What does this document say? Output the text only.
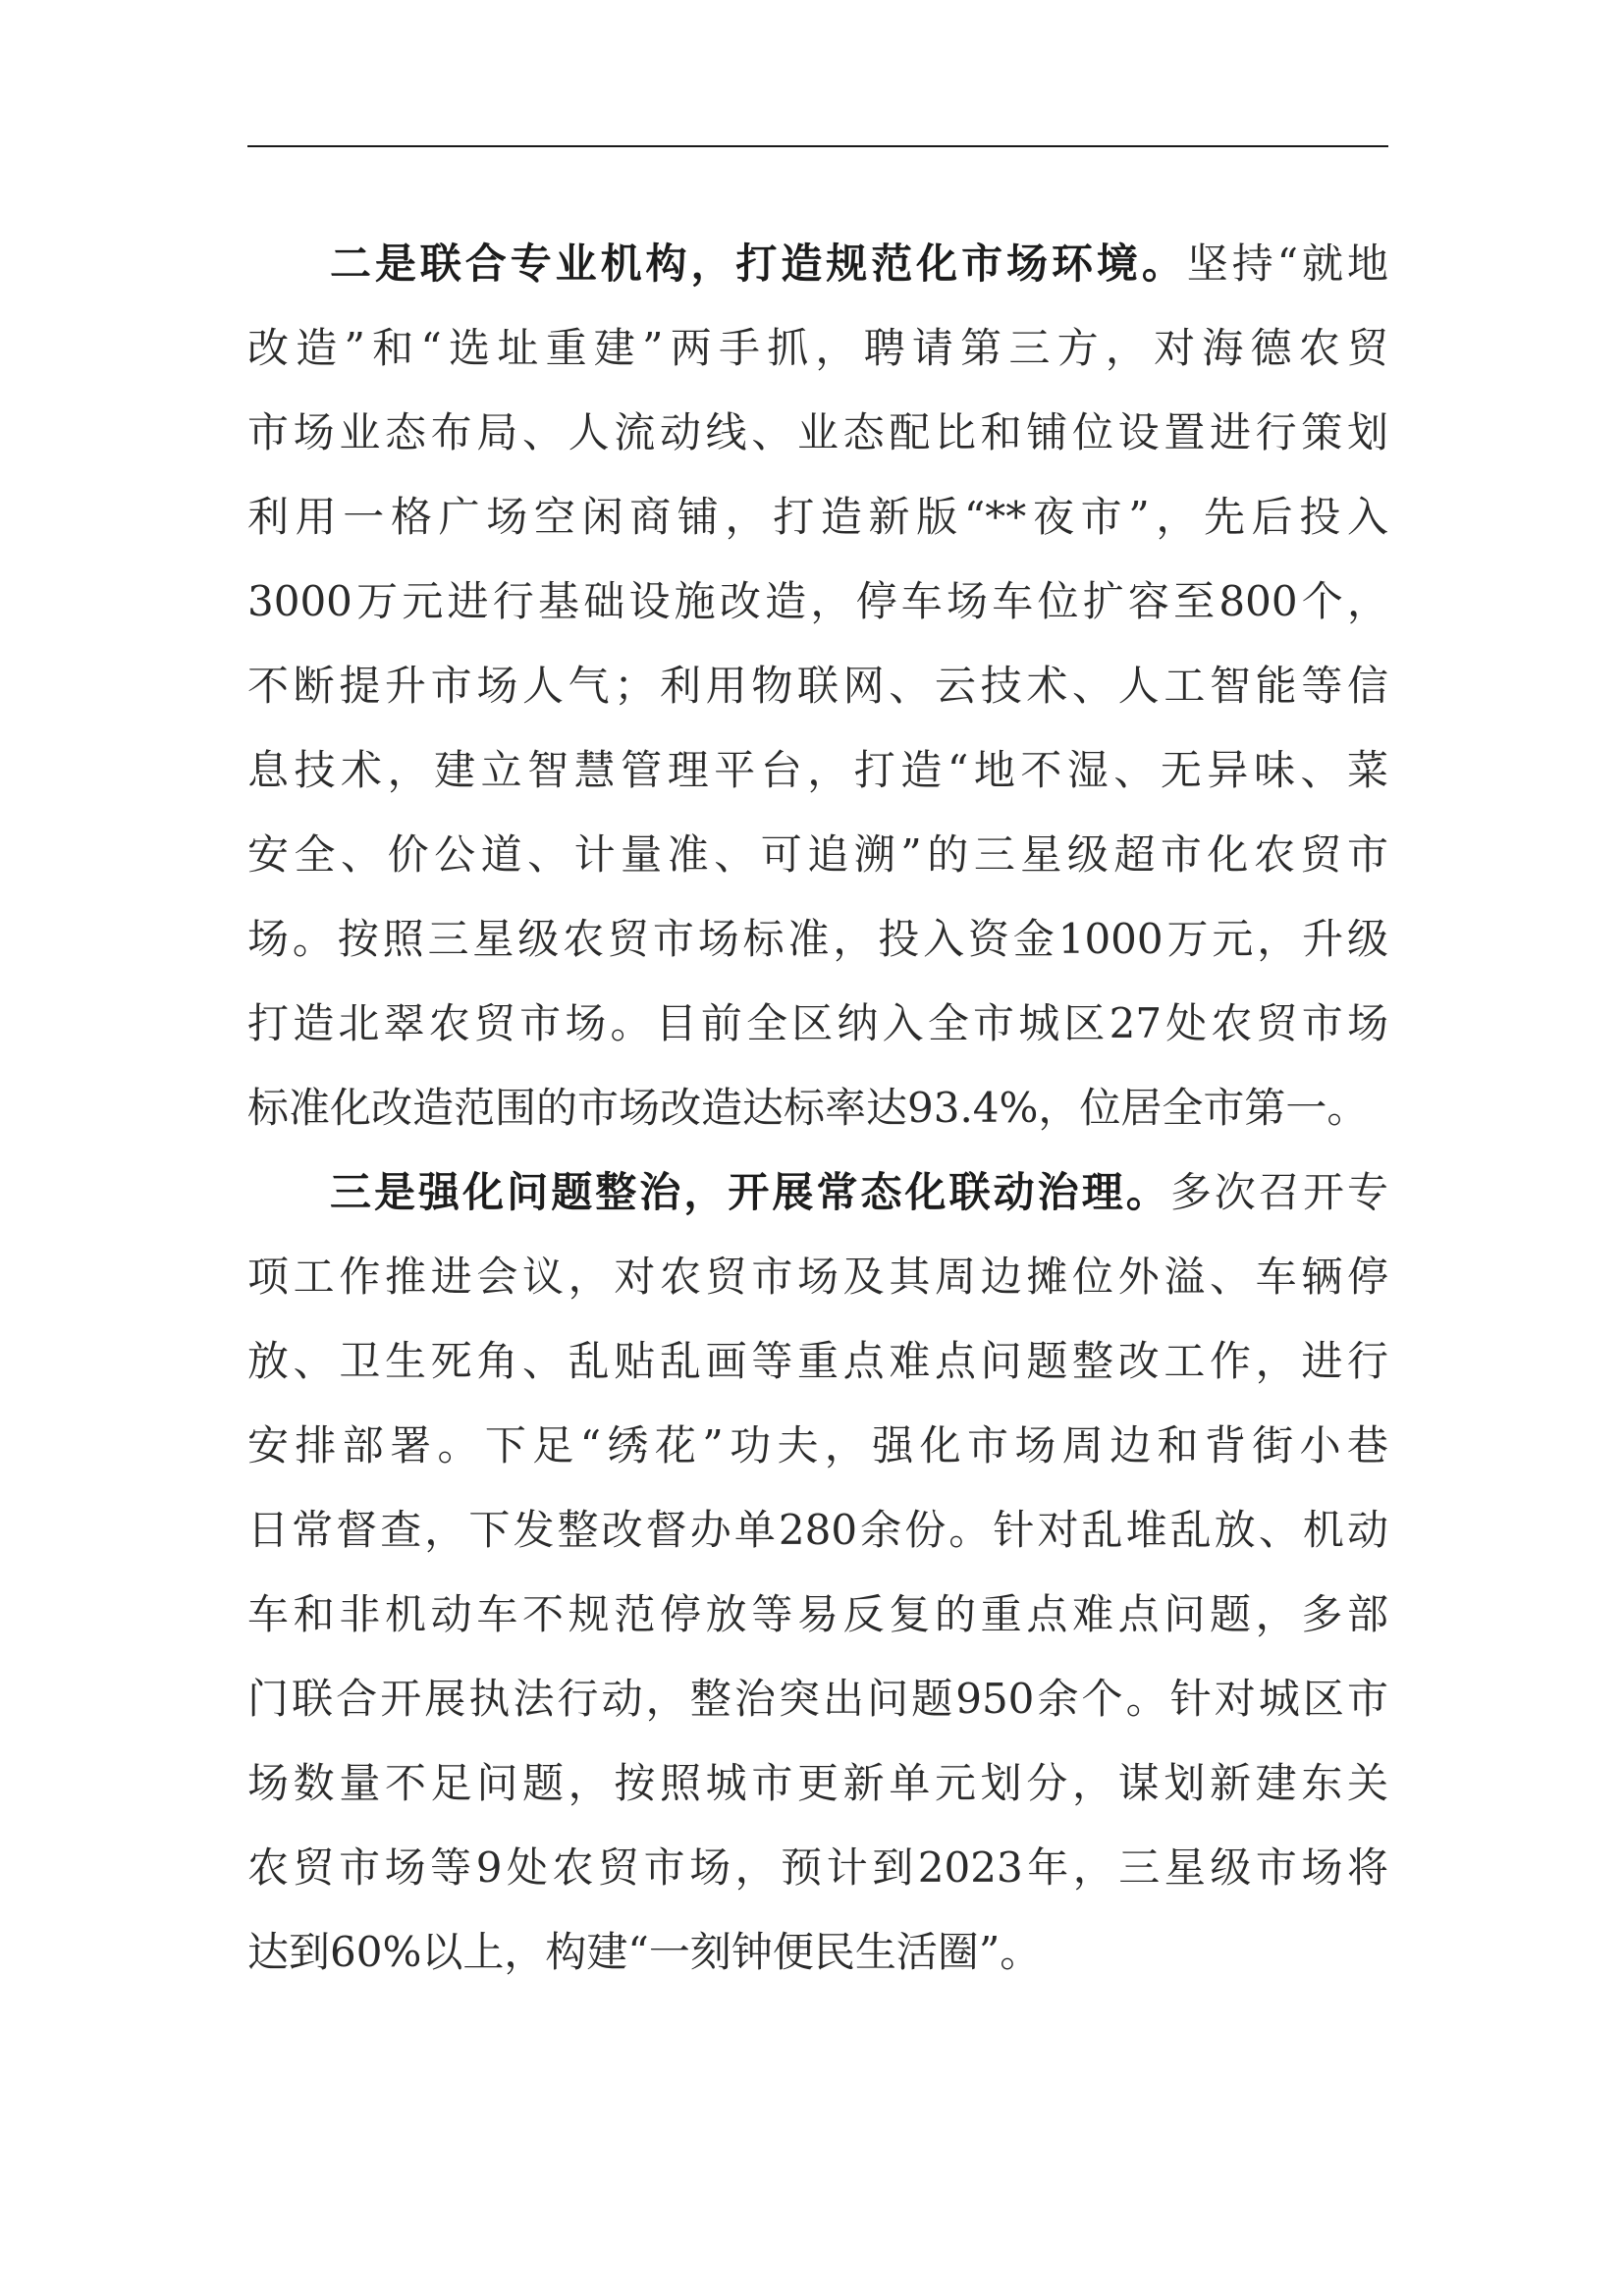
二是联合专业机构，打造规范化市场环境。坚持“就地
改造”和“选址重建”两手抓，聘请第三方，对海德农贸
市场业态布局、人流动线、业态配比和铺位设置进行策划
利用一格广场空闲商铺，打造新版“**夜市”，先后投入
3000万元进行基础设施改造，停车场车位扩容至800个，
不断提升市场人气；利用物联网、云技术、人工智能等信
息技术，建立智慧管理平台，打造“地不湿、无异味、菜
安全、价公道、计量准、可追溯”的三星级超市化农贸市
场。按照三星级农贸市场标准，投入资金1000万元，升级
打造北翠农贸市场。目前全区纳入全市城区27处农贸市场
标准化改造范围的市场改造达标率达93.4%，位居全市第一。
三是强化问题整治，开展常态化联动治理。多次召开专
项工作推进会议，对农贸市场及其周边摊位外溢、车辆停
放、卫生死角、乱贴乱画等重点难点问题整改工作，进行
安排部署。下足“绣花”功夫，强化市场周边和背街小巷
日常督查，下发整改督办单280余份。针对乱堆乱放、机动
车和非机动车不规范停放等易反复的重点难点问题，多部
门联合开展执法行动，整治突出问题950余个。针对城区市
场数量不足问题，按照城市更新单元划分，谋划新建东关
农贸市场等9处农贸市场，预计到2023年，三星级市场将
达到60%以上，构建“一刻钟便民生活圈”。
